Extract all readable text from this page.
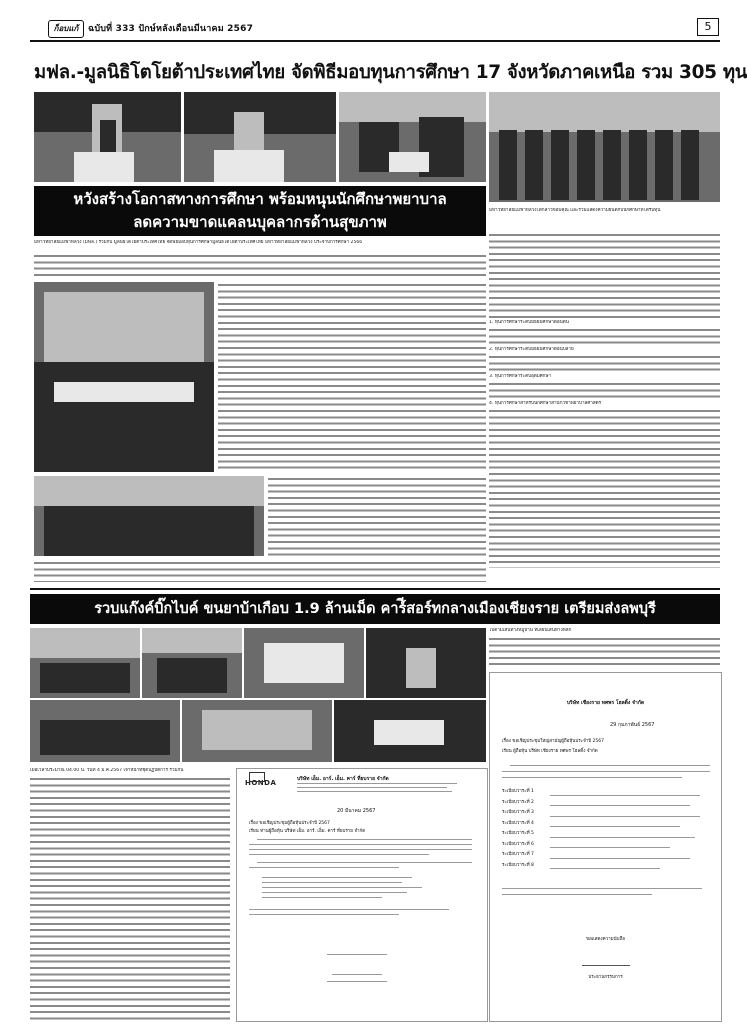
ก็อบแก้	ฉบับที่ 333 ปักษ์หลังเดือนมีนาคม 2567	5
มฟล.-มูลนิธิโตโยต้าประเทศไทย จัดพิธีมอบทุนการศึกษา 17 จังหวัดภาคเหนือ รวม 305 ทุน
หวังสร้างโอกาสทางการศึกษา พร้อมหนุนนักศึกษาพยาบาล
ลดความขาดแคลนบุคลากรด้านสุขภาพ
มหาวิทยาลัยแม่ฟ้าหลวงได้กล่าวขอบคุณ และร่วมแสดงความยินดีกับนักศึกษาที่ได้รับทุน
มหาวิทยาลัยแม่ฟ้าหลวง (มฟล.) ร่วมกับ มูลนิธิโตโยต้าประเทศไทย จัดพิธีมอบทุนการศึกษามูลนิธิโตโยต้าประเทศไทย มหาวิทยาลัยแม่ฟ้าหลวง ประจำปีการศึกษา 2566
1. ทุนการศึกษาระดับมัธยมศึกษาตอนต้น
2. ทุนการศึกษาระดับมัธยมศึกษาตอนปลาย
3. ทุนการศึกษาระดับอุดมศึกษา
4. ทุนการศึกษาสำหรับนักศึกษาสำนักวิชาพยาบาลศาสตร์
รวบแก๊งค์บิ๊กไบค์ ขนยาบ้าเกือบ 1.9 ล้านเม็ด คาร์ีสอร์ทกลางเมืองเชียงราย เตรียมส่งลพบุรี
ไปตามเส้นทางหมู่บ้าน ที่เลียบเส้นทางหลัก
เมื่อเวลาประมาณ 04.00 น. วันที่ 4 มี.ค.2567 เจ้าหน้าที่ชุดปฏิบัติการ ร่วมกัน
HONDA	บริษัท เอ็ม. อาร์. เอ็ม. คาร์ ที่ยบราย จำกัด
20 มีนาคม 2567
เรื่อง ขอเชิญประชุมผู้ถือหุ้นประจำปี 2567
เรียน ท่านผู้ถือหุ้น บริษัท เอ็ม. อาร์. เอ็ม. คาร์ ที่ยบราย จำกัด
บริษัท เชียงราย ทศพร โฮลดิ้ง จำกัด
29 กุมภาพันธ์ 2567
เรื่อง ขอเชิญประชุมใหญ่สามัญผู้ถือหุ้นประจำปี 2567
เรียน ผู้ถือหุ้น บริษัท เชียงราย ทศพร โฮลดิ้ง จำกัด
ระเบียบวาระที่ 1
ระเบียบวาระที่ 2
ระเบียบวาระที่ 3
ระเบียบวาระที่ 4
ระเบียบวาระที่ 5
ระเบียบวาระที่ 6
ระเบียบวาระที่ 7
ระเบียบวาระที่ 8
ขอแสดงความนับถือ
ประธานกรรมการ
